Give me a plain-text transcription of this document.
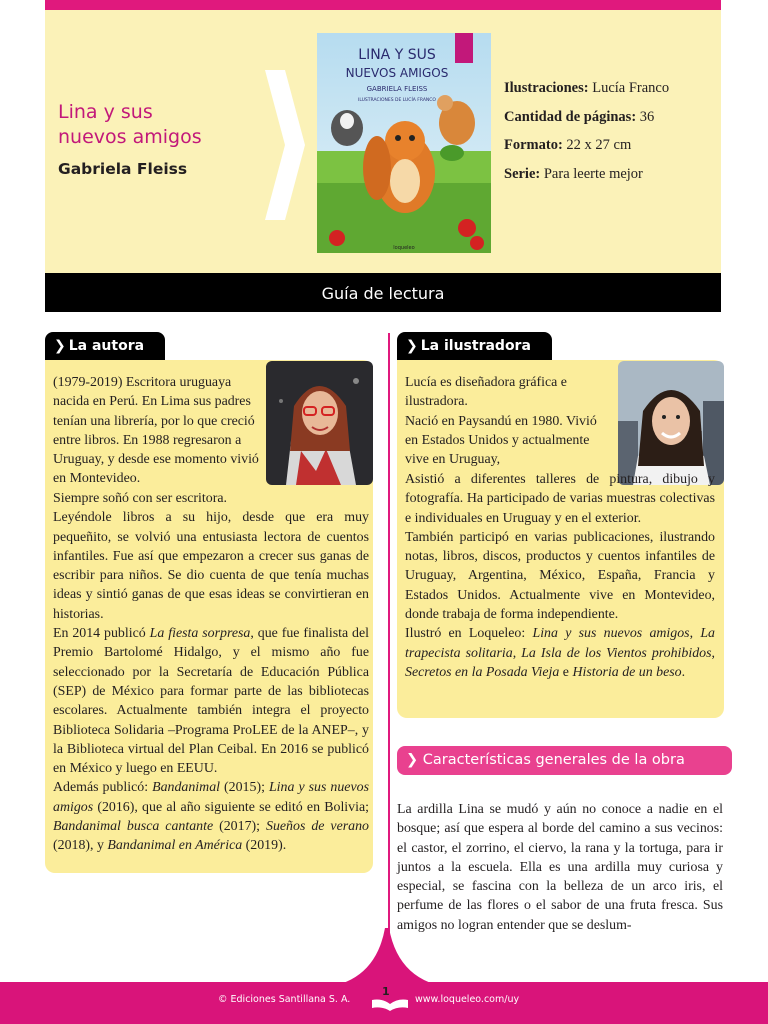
Lina y sus
nuevos amigos
Gabriela Fleiss
LINA Y SUS
NUEVOS AMIGOS
GABRIELA FLEISS
ILUSTRACIONES DE LUCÍA FRANCO
loqueleo
Ilustraciones: Lucía Franco
Cantidad de páginas: 36
Formato: 22 x 27 cm
Serie: Para leerte mejor
Guía de lectura
❯ La autora
(1979-2019) Escritora uruguaya nacida en Perú. En Lima sus padres tenían una librería, por lo que creció entre libros. En 1988 regresaron a Uruguay, y desde ese momento vivió en Montevideo.

Siempre soñó con ser escritora.

Leyéndole libros a su hijo, desde que era muy pequeñito, se volvió una entusiasta lectora de cuentos infantiles. Fue así que empezaron a crecer sus ganas de escribir para niños. Se dio cuenta de que tenía muchas ideas y sintió ganas de que esas ideas se convirtieran en historias.

En 2014 publicó La fiesta sorpresa, que fue finalista del Premio Bartolomé Hidalgo, y el mismo año fue seleccionado por la Secretaría de Educación Pública (SEP) de México para formar parte de las bibliotecas escolares. Actualmente también integra el proyecto Biblioteca Solidaria –Programa ProLEE de la ANEP–, y la Biblioteca virtual del Plan Ceibal. En 2016 se publicó en México y luego en EEUU.

Además publicó: Bandanimal (2015); Lina y sus nuevos amigos (2016), que al año siguiente se editó en Bolivia; Bandanimal busca cantante (2017); Sueños de verano (2018), y Bandanimal en América (2019).

❯ La ilustradora

Lucía es diseñadora gráfica e ilustradora.

Nació en Paysandú en 1980. Vivió en Estados Unidos y actualmente vive en Uruguay,

Asistió a diferentes talleres de pintura, dibujo y fotografía. Ha participado de varias muestras colectivas e individuales en Uruguay y en el exterior.

También participó en varias publicaciones, ilustrando notas, libros, discos, productos y cuentos infantiles de Uruguay, Argentina, México, España, Francia y Estados Unidos. Actualmente vive en Montevideo, donde trabaja de forma independiente.

Ilustró en Loqueleo: Lina y sus nuevos amigos, La trapecista solitaria, La Isla de los Vientos prohibidos, Secretos en la Posada Vieja e Historia de un beso.

❯ Características generales de la obra
La ardilla Lina se mudó y aún no conoce a nadie en el bosque; así que espera al borde del camino a sus vecinos: el castor, el zorrino, el ciervo, la rana y la tortuga, para ir juntos a la escuela. Ella es una ardilla muy curiosa y especial, se fascina con la belleza de un arco iris, el perfume de las flores o el sabor de una fruta fresca. Sus amigos no logran entender que se deslum-
© Ediciones Santillana S. A.
1
www.loqueleo.com/uy
